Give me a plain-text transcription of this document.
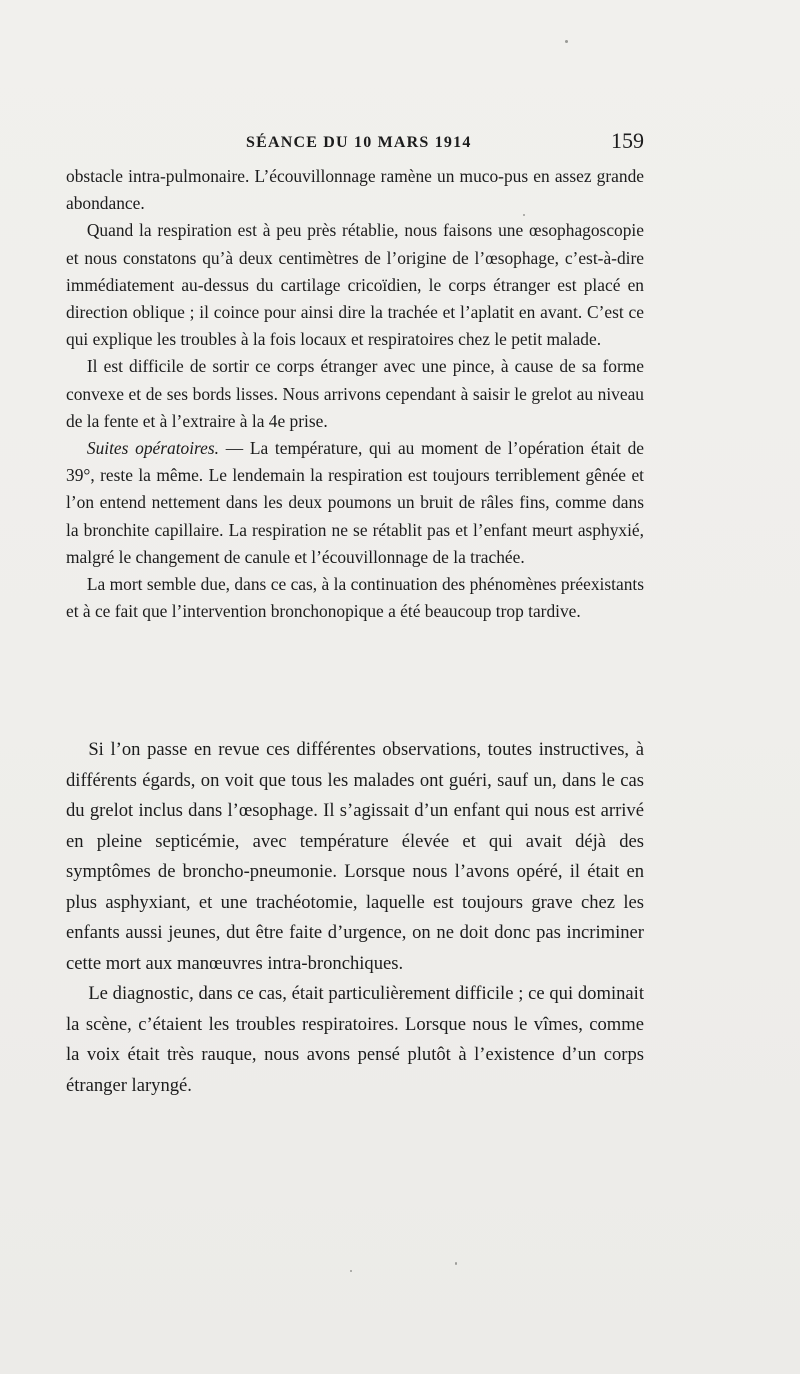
SÉANCE DU 10 MARS 1914	159

obstacle intra-pulmonaire. L’écouvillonnage ramène un muco-pus en assez grande abondance.

Quand la respiration est à peu près rétablie, nous faisons une œsophagoscopie et nous constatons qu’à deux centimètres de l’origine de l’œsophage, c’est-à-dire immédiatement au-dessus du cartilage cricoïdien, le corps étranger est placé en direction oblique ; il coince pour ainsi dire la trachée et l’aplatit en avant. C’est ce qui explique les troubles à la fois locaux et respiratoires chez le petit malade.

Il est difficile de sortir ce corps étranger avec une pince, à cause de sa forme convexe et de ses bords lisses. Nous arrivons cependant à saisir le grelot au niveau de la fente et à l’extraire à la 4e prise.

Suites opératoires. — La température, qui au moment de l’opération était de 39°, reste la même. Le lendemain la respiration est toujours terriblement gênée et l’on entend nettement dans les deux poumons un bruit de râles fins, comme dans la bronchite capillaire. La respiration ne se rétablit pas et l’enfant meurt asphyxié, malgré le changement de canule et l’écouvillonnage de la trachée.

La mort semble due, dans ce cas, à la continuation des phénomènes préexistants et à ce fait que l’intervention bronchonopique a été beaucoup trop tardive.

Si l’on passe en revue ces différentes observations, toutes instructives, à différents égards, on voit que tous les malades ont guéri, sauf un, dans le cas du grelot inclus dans l’œsophage. Il s’agissait d’un enfant qui nous est arrivé en pleine septicémie, avec température élevée et qui avait déjà des symptômes de broncho-pneumonie. Lorsque nous l’avons opéré, il était en plus asphyxiant, et une trachéotomie, laquelle est toujours grave chez les enfants aussi jeunes, dut être faite d’urgence, on ne doit donc pas incriminer cette mort aux manœuvres intra-bronchiques.

Le diagnostic, dans ce cas, était particulièrement difficile ; ce qui dominait la scène, c’étaient les troubles respiratoires. Lorsque nous le vîmes, comme la voix était très rauque, nous avons pensé plutôt à l’existence d’un corps étranger laryngé.
